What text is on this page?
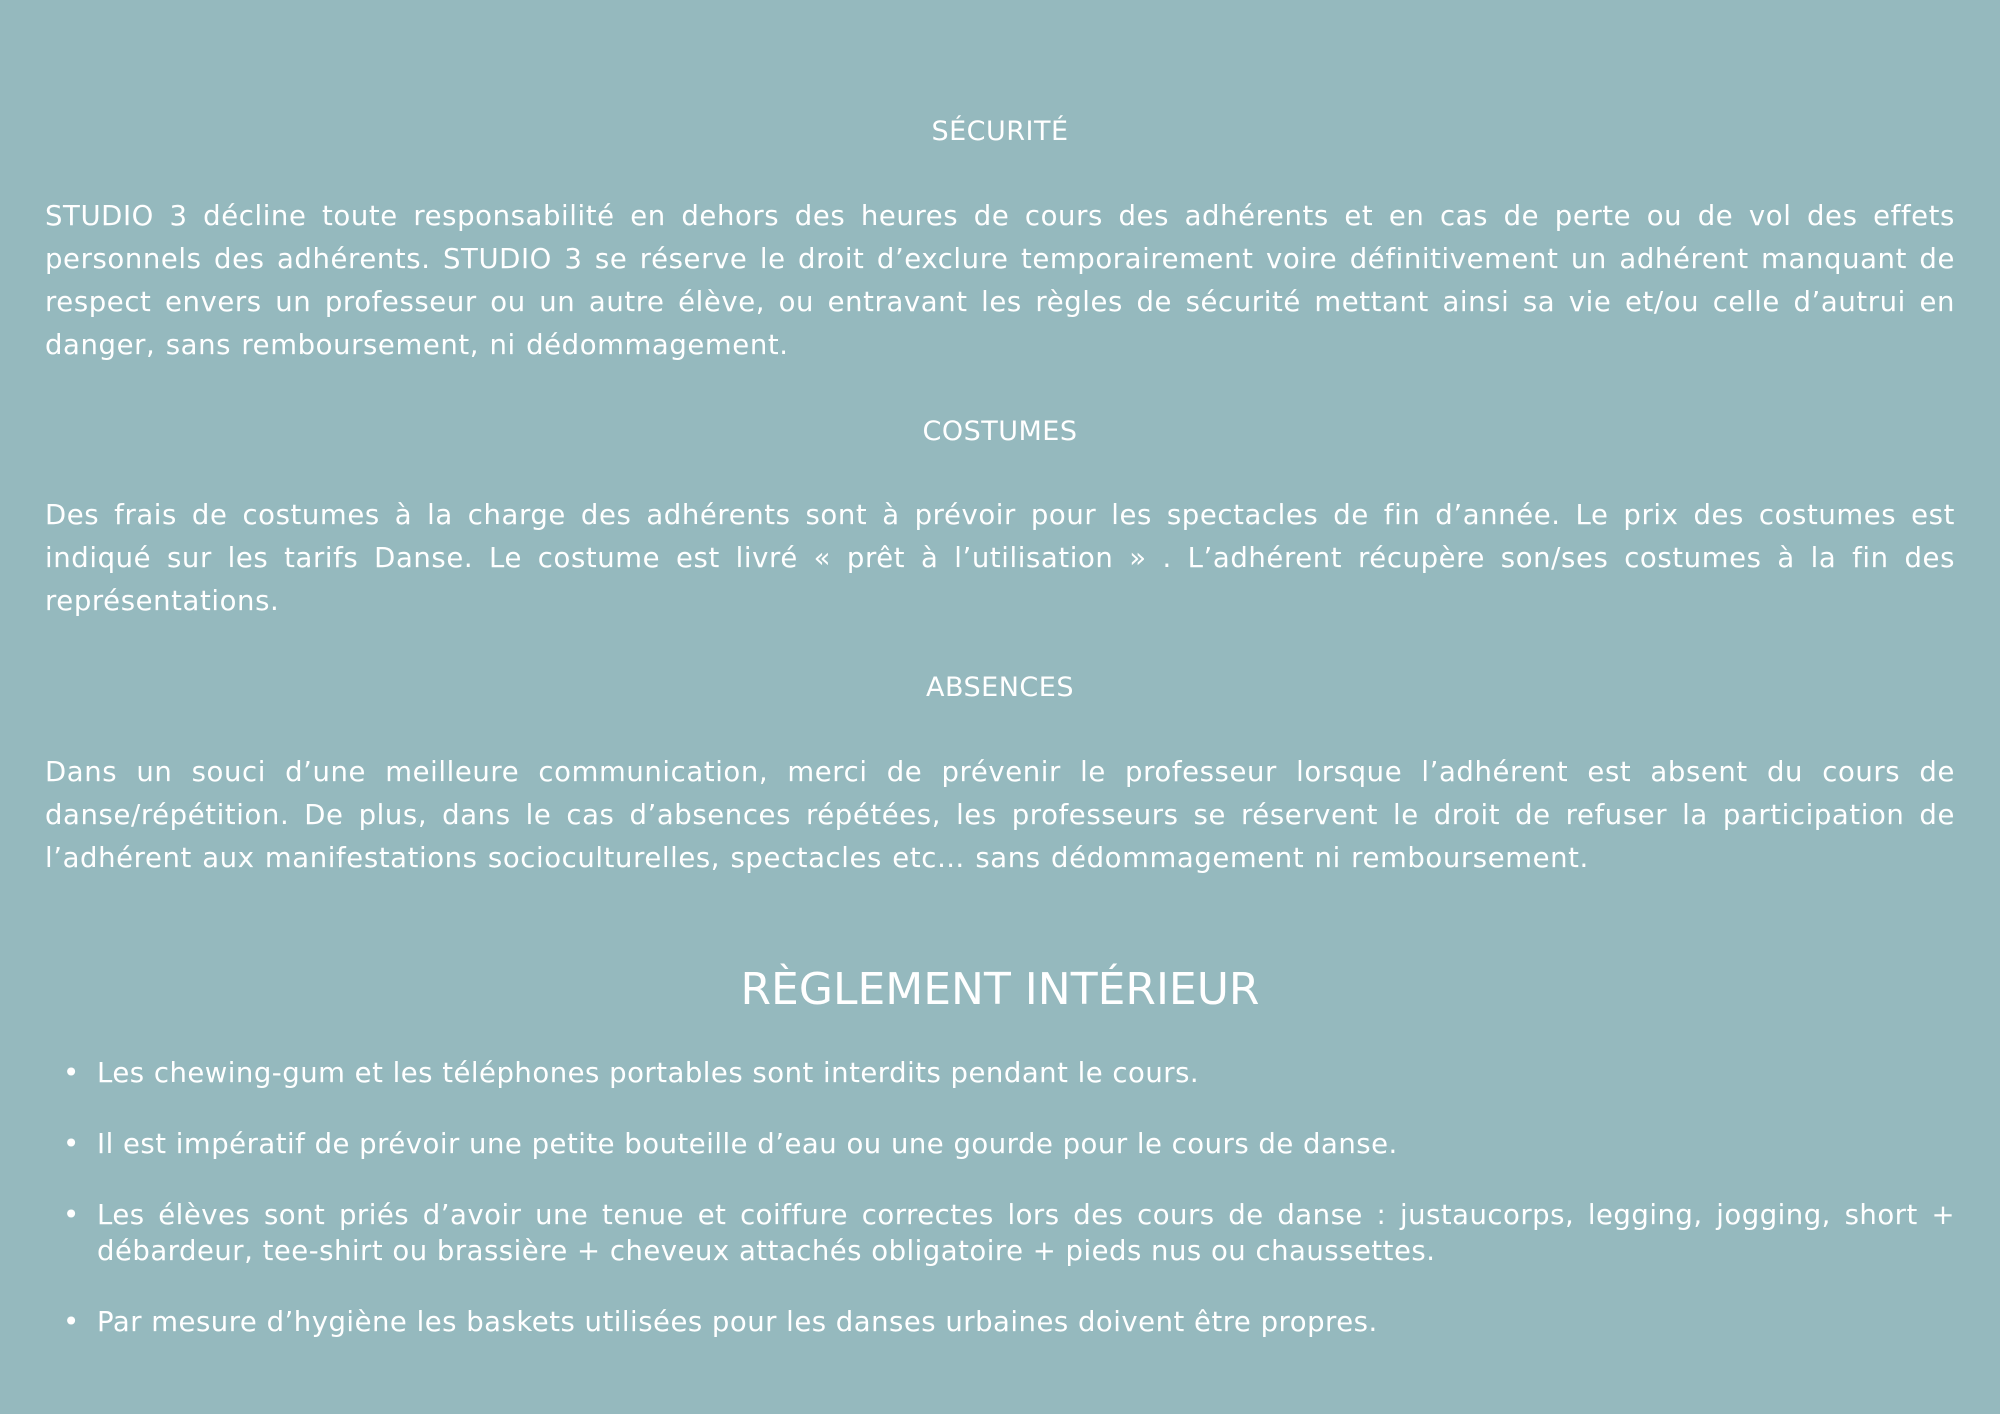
SÉCURITÉ

STUDIO 3 décline toute responsabilité en dehors des heures de cours des adhérents et en cas de perte ou de vol des effets personnels des adhérents. STUDIO 3 se réserve le droit d’exclure temporairement voire définitivement un adhérent manquant de respect envers un professeur ou un autre élève, ou entravant les règles de sécurité mettant ainsi sa vie et/ou celle d’autrui en danger, sans remboursement, ni dédommagement.

COSTUMES

Des frais de costumes à la charge des adhérents sont à prévoir pour les spectacles de fin d’année. Le prix des costumes est indiqué sur les tarifs Danse. Le costume est livré « prêt à l’utilisation » . L’adhérent récupère son/ses costumes à la fin des représentations.

ABSENCES

Dans un souci d’une meilleure communication, merci de prévenir le professeur lorsque l’adhérent est absent du cours de danse/répétition. De plus, dans le cas d’absences répétées, les professeurs se réservent le droit de refuser la participation de l’adhérent aux manifestations socioculturelles, spectacles etc… sans dédommagement ni remboursement.

RÈGLEMENT INTÉRIEUR
• Les chewing-gum et les téléphones portables sont interdits pendant le cours.
• Il est impératif de prévoir une petite bouteille d’eau ou une gourde pour le cours de danse.
• Les élèves sont priés d’avoir une tenue et coiffure correctes lors des cours de danse : justaucorps, legging, jogging, short + débardeur, tee-shirt ou brassière + cheveux attachés obligatoire + pieds nus ou chaussettes.
• Par mesure d’hygiène les baskets utilisées pour les danses urbaines doivent être propres.
